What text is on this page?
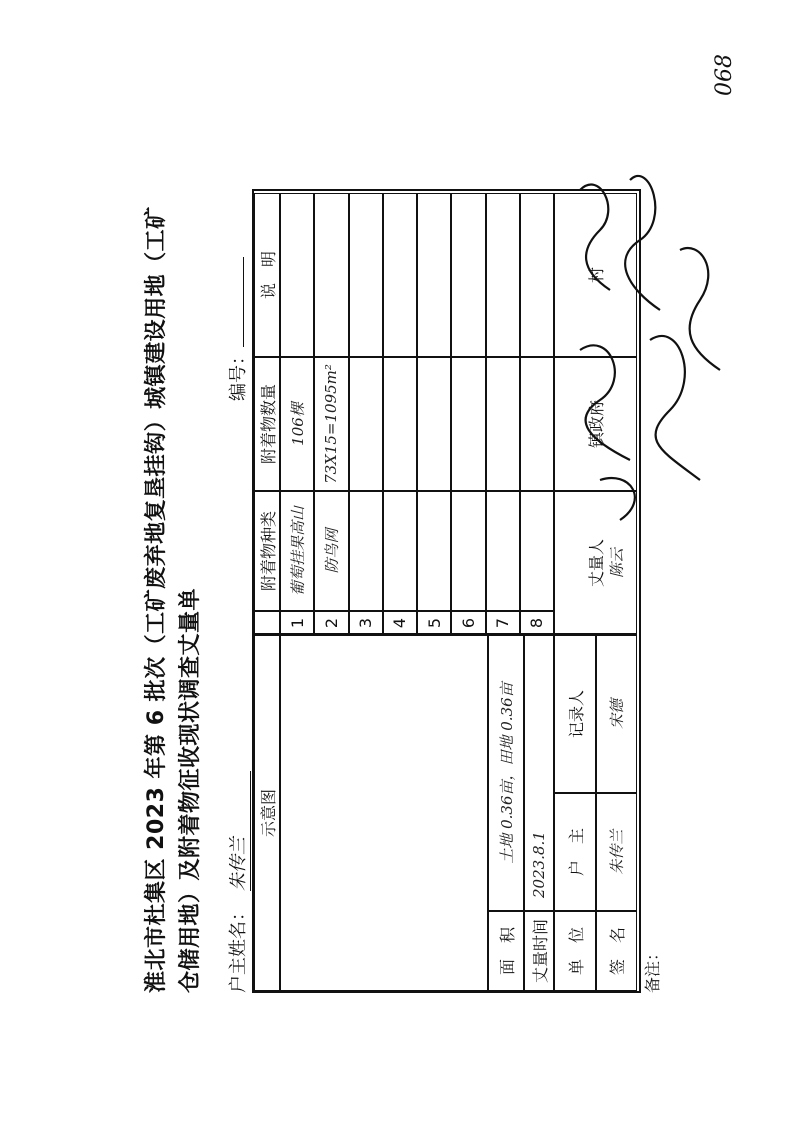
淮北市杜集区 2023 年第 6 批次（工矿废弃地复垦挂钩）城镇建设用地（工矿仓储用地）及附着物征收现状调查丈量单 户主姓名：朱传兰
编号：
示意图
面　积
土地 0.36亩，田地 0.36亩
丈量时间
2023.8.1
单　位
户　主
记录人
签　名
朱传兰
宋德
附着物种类
附着物数量
说　明
1
葡萄挂果高山
106棵
2
防鸟网
73X15=1095m²
3 4 5 6 7 8
丈量人
镇政府
村
陈云
备注：
068
